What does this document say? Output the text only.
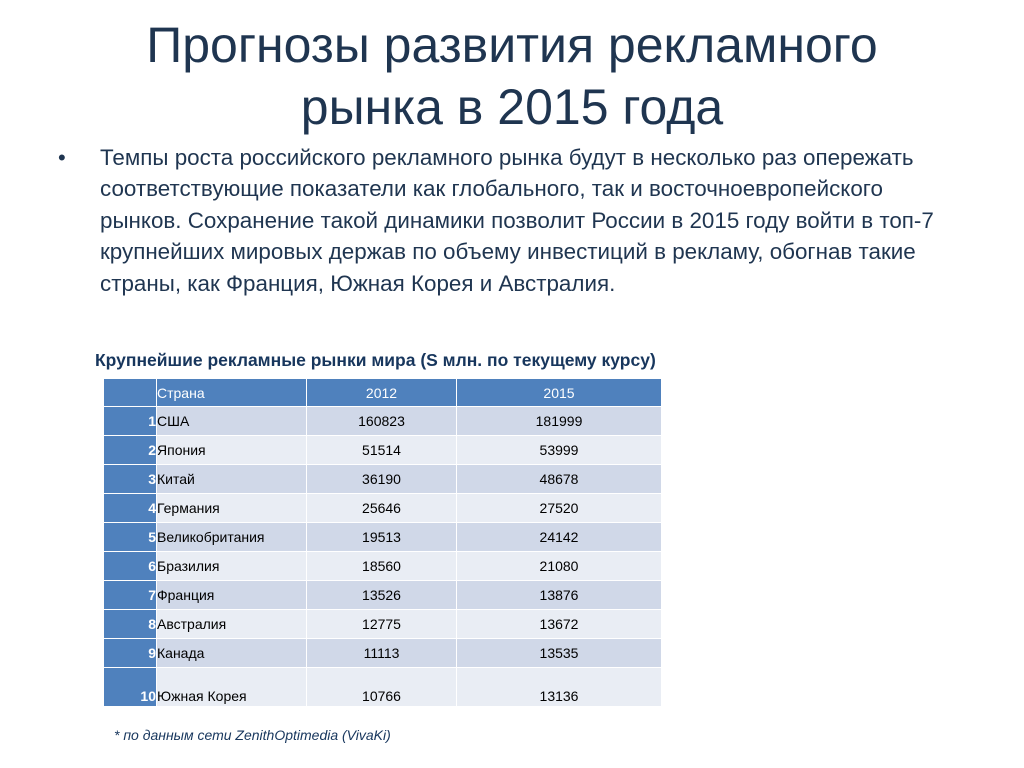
Прогнозы развития рекламного
рынка в 2015 года
• Темпы роста российского рекламного рынка будут в несколько раз опережать соответствующие показатели как глобального, так и восточноевропейского рынков. Сохранение такой динамики позволит России в 2015 году войти в топ-7 крупнейших мировых держав по объему инвестиций в рекламу, обогнав такие страны, как Франция, Южная Корея и Австралия.

Крупнейшие рекламные рынки мира (S млн. по текущему курсу)

	Страна	2012	2015
1	США	160823	181999
2	Япония	51514	53999
3	Китай	36190	48678
4	Германия	25646	27520
5	Великобритания	19513	24142
6	Бразилия	18560	21080
7	Франция	13526	13876
8	Австралия	12775	13672
9	Канада	11113	13535
10	Южная Корея	10766	13136

* по данным сети ZenithOptimedia (VivaKi)
